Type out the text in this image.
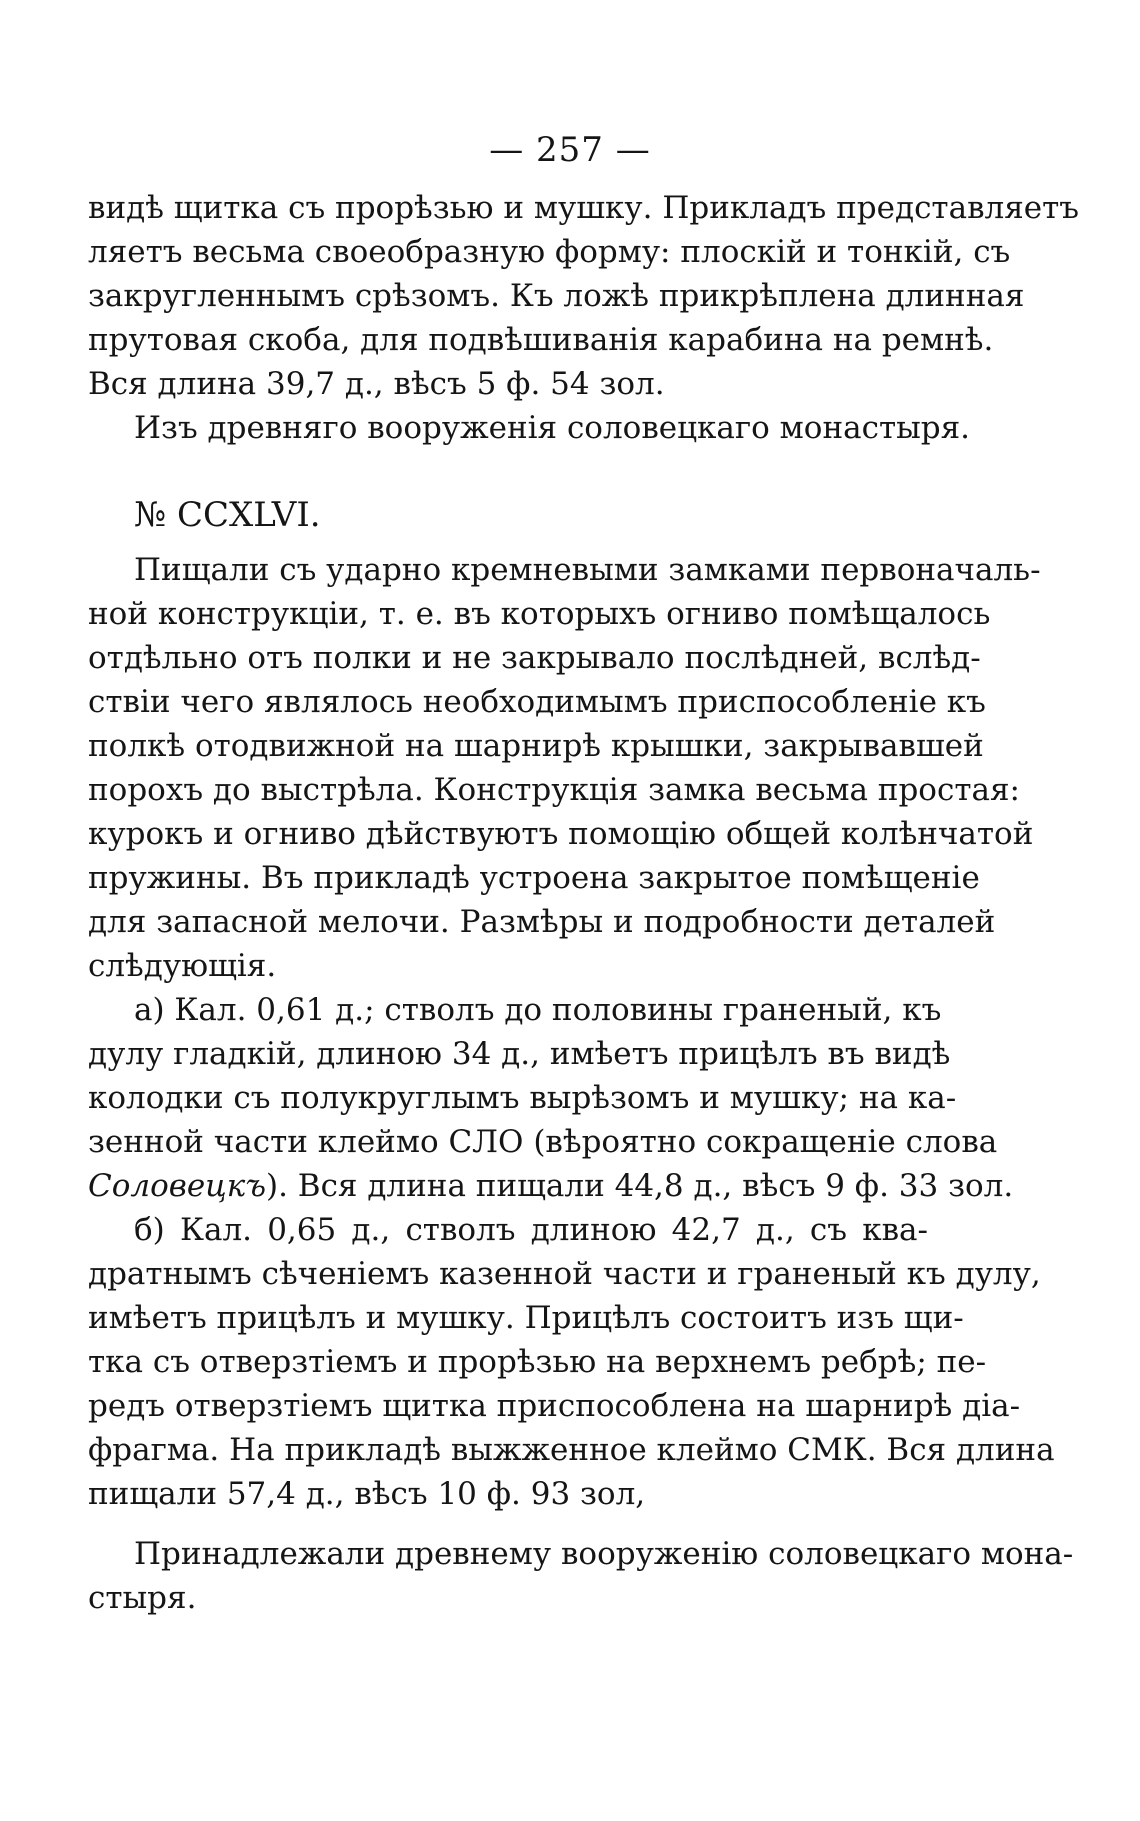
— 257 —
видѣ щитка съ прорѣзью и мушку. Прикладъ представляетъ
ляетъ весьма своеобразную форму: плоскій и тонкій, съ
закругленнымъ срѣзомъ. Къ ложѣ прикрѣплена длинная
прутовая скоба, для подвѣшиванія карабина на ремнѣ.
Вся длина 39,7 д., вѣсъ 5 ф. 54 зол.
Изъ древняго вооруженія соловецкаго монастыря.
№ CCXLVI.
Пищали съ ударно кремневыми замками первоначаль-
ной конструкціи, т. е. въ которыхъ огниво помѣщалось
отдѣльно отъ полки и не закрывало послѣдней, вслѣд-
ствіи чего являлось необходимымъ приспособленіе къ
полкѣ отодвижной на шарнирѣ крышки, закрывавшей
порохъ до выстрѣла. Конструкція замка весьма простая:
курокъ и огниво дѣйствуютъ помощію общей колѣнчатой
пружины. Въ прикладѣ устроена закрытое помѣщеніе
для запасной мелочи. Размѣры и подробности деталей
слѣдующія.
а) Кал. 0,61 д.; стволъ до половины граненый, къ
дулу гладкій, длиною 34 д., имѣетъ прицѣлъ въ видѣ
колодки съ полукруглымъ вырѣзомъ и мушку; на ка-
зенной части клеймо СЛО (вѣроятно сокращеніе слова
Соловецкъ). Вся длина пищали 44,8 д., вѣсъ 9 ф. 33 зол.
б) Кал. 0,65 д., стволъ длиною 42,7 д., съ ква-
дратнымъ сѣченіемъ казенной части и граненый къ дулу,
имѣетъ прицѣлъ и мушку. Прицѣлъ состоитъ изъ щи-
тка съ отверзтіемъ и прорѣзью на верхнемъ ребрѣ; пе-
редъ отверзтіемъ щитка приспособлена на шарнирѣ діа-
фрагма. На прикладѣ выжженное клеймо СМК. Вся длина
пищали 57,4 д., вѣсъ 10 ф. 93 зол,
Принадлежали древнему вооруженію соловецкаго мона-
стыря.
